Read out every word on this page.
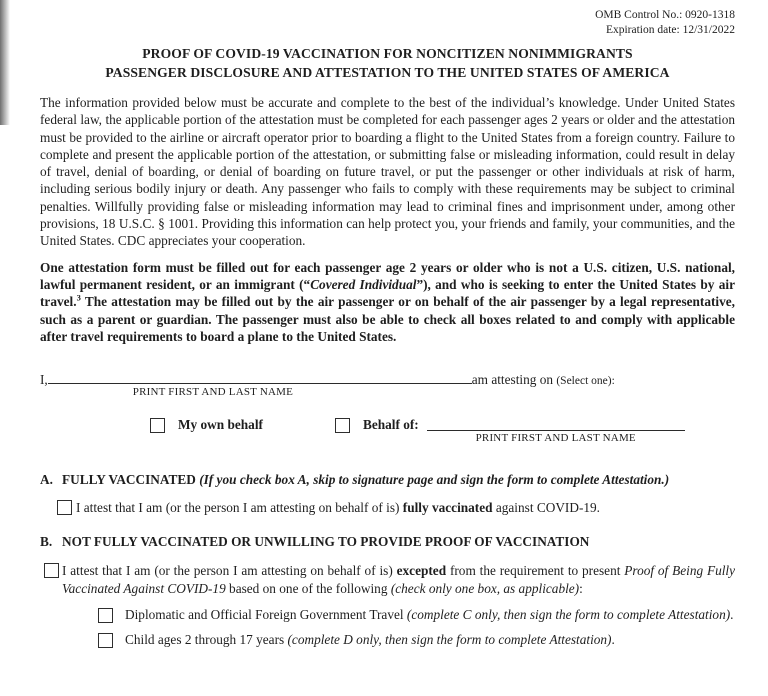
OMB Control No.: 0920-1318
Expiration date: 12/31/2022
PROOF OF COVID-19 VACCINATION FOR NONCITIZEN NONIMMIGRANTS
PASSENGER DISCLOSURE AND ATTESTATION TO THE UNITED STATES OF AMERICA

The information provided below must be accurate and complete to the best of the individual’s knowledge. Under United States federal law, the applicable portion of the attestation must be completed for each passenger ages 2 years or older and the attestation must be provided to the airline or aircraft operator prior to boarding a flight to the United States from a foreign country. Failure to complete and present the applicable portion of the attestation, or submitting false or misleading information, could result in delay of travel, denial of boarding, or denial of boarding on future travel, or put the passenger or other individuals at risk of harm, including serious bodily injury or death. Any passenger who fails to comply with these requirements may be subject to criminal penalties. Willfully providing false or misleading information may lead to criminal fines and imprisonment under, among other provisions, 18 U.S.C. § 1001. Providing this information can help protect you, your friends and family, your communities, and the United States. CDC appreciates your cooperation.

One attestation form must be filled out for each passenger age 2 years or older who is not a U.S. citizen, U.S. national, lawful permanent resident, or an immigrant (“Covered Individual”), and who is seeking to enter the United States by air travel.$^3$ The attestation may be filled out by the air passenger or on behalf of the air passenger by a legal representative, such as a parent or guardian. The passenger must also be able to check all boxes related to and comply with applicable after travel requirements to board a plane to the United States.

I,
PRINT FIRST AND LAST NAME
am attesting on (Select one):
My own behalf	Behalf of:
PRINT FIRST AND LAST NAME
A. FULLY VACCINATED (If you check box A, skip to signature page and sign the form to complete Attestation.)
I attest that I am (or the person I am attesting on behalf of is) fully vaccinated against COVID-19.
B. NOT FULLY VACCINATED OR UNWILLING TO PROVIDE PROOF OF VACCINATION
I attest that I am (or the person I am attesting on behalf of is) excepted from the requirement to present Proof of Being Fully Vaccinated Against COVID-19 based on one of the following (check only one box, as applicable):
Diplomatic and Official Foreign Government Travel (complete C only, then sign the form to complete Attestation).
Child ages 2 through 17 years (complete D only, then sign the form to complete Attestation).
